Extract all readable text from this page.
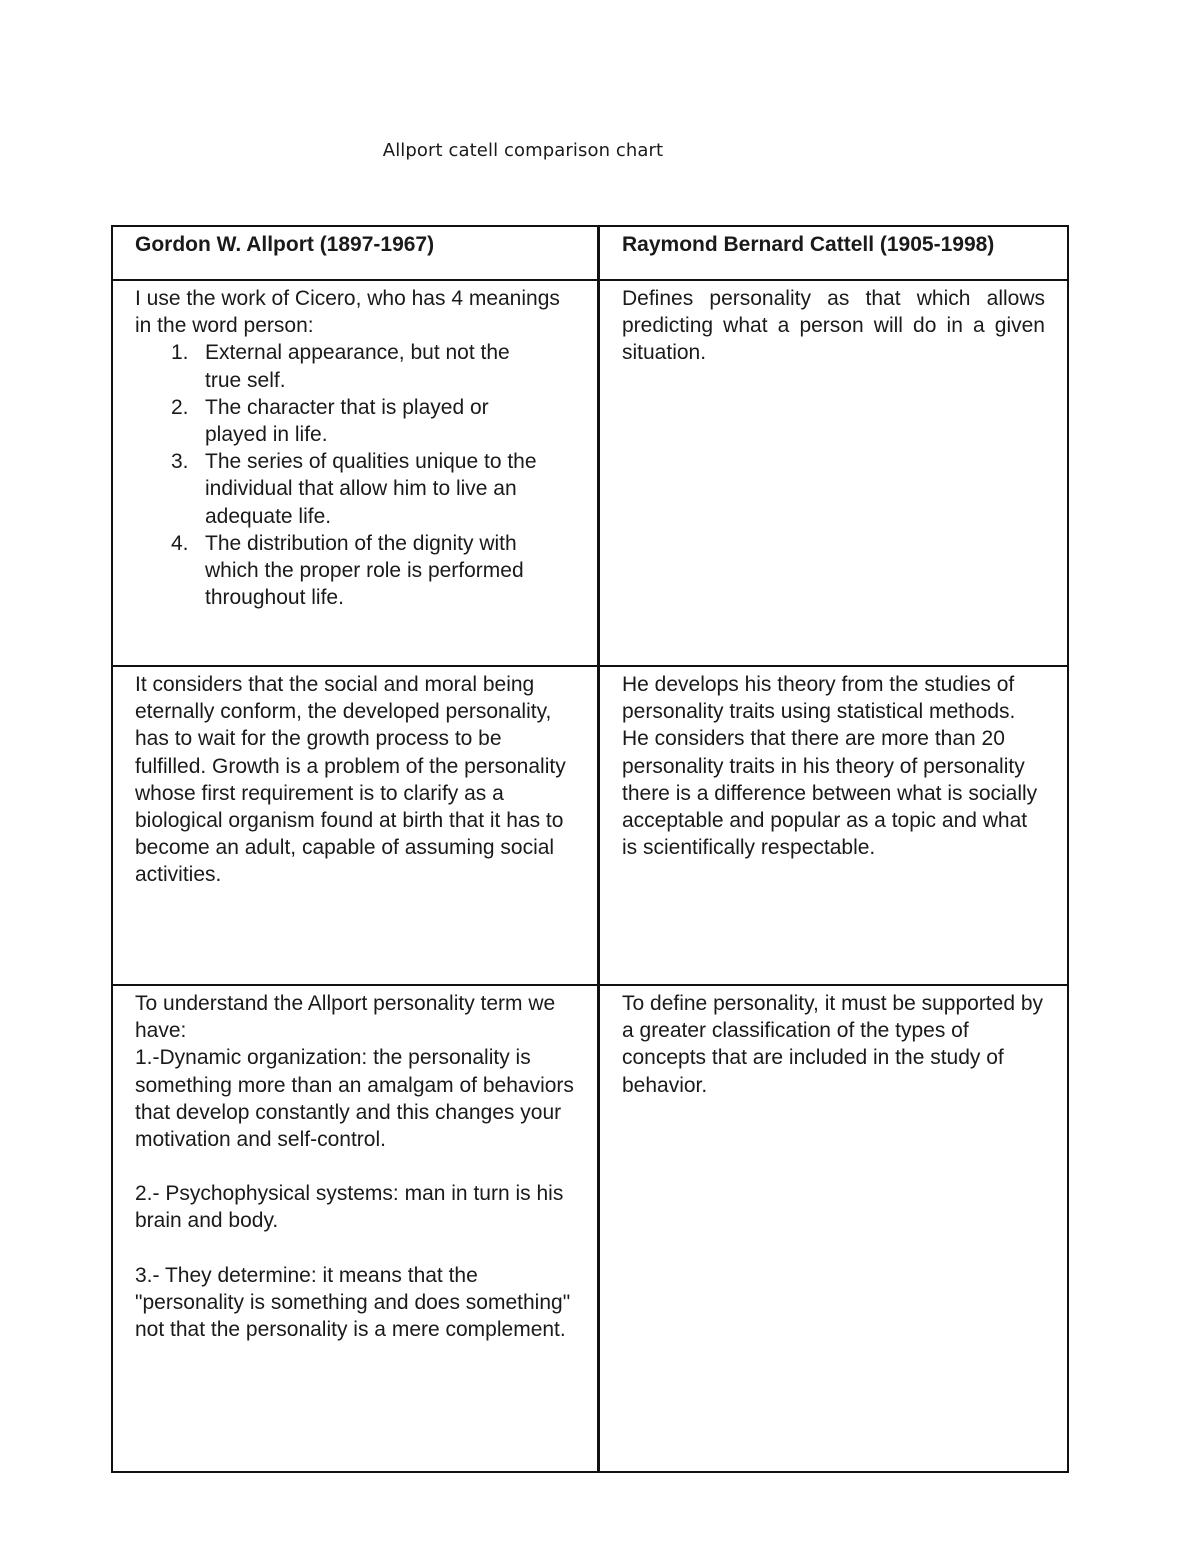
Allport catell comparison chart
Gordon W. Allport (1897-1967)	Raymond Bernard Cattell (1905-1998)

I use the work of Cicero, who has 4 meanings in the word person:

1. External appearance, but not the true self.
2. The character that is played or played in life.
3. The series of qualities unique to the individual that allow him to live an adequate life.
4. The distribution of the dignity with which the proper role is performed throughout life.

Defines personality as that which allows predicting what a person will do in a given situation.

It considers that the social and moral being eternally conform, the developed personality, has to wait for the growth process to be fulfilled. Growth is a problem of the personality whose first requirement is to clarify as a biological organism found at birth that it has to become an adult, capable of assuming social activities.

He develops his theory from the studies of personality traits using statistical methods. He considers that there are more than 20 personality traits in his theory of personality there is a difference between what is socially acceptable and popular as a topic and what is scientifically respectable.

To understand the Allport personality term we have:

1.-Dynamic organization: the personality is something more than an amalgam of behaviors that develop constantly and this changes your motivation and self-control.

2.- Psychophysical systems: man in turn is his brain and body.

3.- They determine: it means that the "personality is something and does something" not that the personality is a mere complement.

To define personality, it must be supported by a greater classification of the types of concepts that are included in the study of behavior.
